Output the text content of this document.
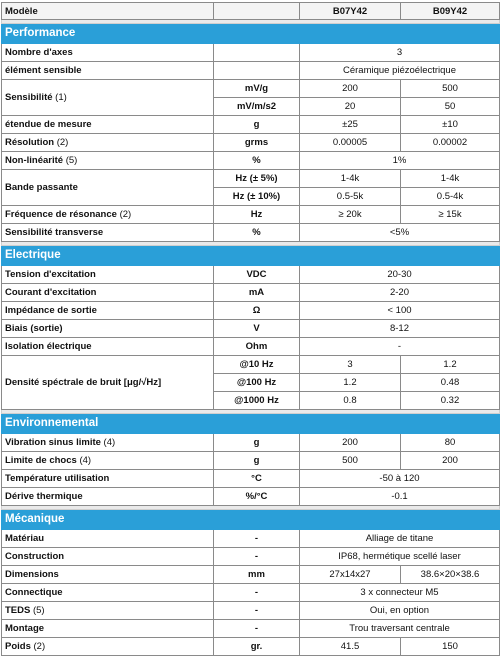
Modèle		B07Y42	B09Y42

Performance			
Nombre d'axes		3	
élément sensible		Céramique piézoélectrique	
Sensibilité (1)	mV/g	200	500
	mV/m/s2	20	50
étendue de mesure	g	±25	±10
Résolution (2)	grms	0.00005	0.00002
Non-linéarité (5)	%	1%	
Bande passante	Hz (± 5%)	1-4k	1-4k
	Hz (± 10%)	0.5-5k	0.5-4k
Fréquence de résonance (2)	Hz	≥ 20k	≥ 15k
Sensibilité transverse	%	<5%	

Electrique			
Tension d'excitation	VDC	20-30	
Courant d'excitation	mA	2-20	
Impédance de sortie	Ω	< 100	
Biais (sortie)	V	8-12	
Isolation électrique	Ohm	-	
Densité spéctrale de bruit [μg/√Hz]	@10 Hz	3	1.2
	@100 Hz	1.2	0.48
	@1000 Hz	0.8	0.32

Environnemental			
Vibration sinus limite (4)	g	200	80
Limite de chocs (4)	g	500	200
Température utilisation	°C	-50 à 120	
Dérive thermique	%/°C	-0.1	

Mécanique			
Matériau	-	Alliage de titane	
Construction	-	IP68, hermétique scellé laser	
Dimensions	mm	27x14x27	38.6×20×38.6
Connectique	-	3 x connecteur M5	
TEDS (5)	-	Oui, en option	
Montage	-	Trou traversant centrale	
Poids (2)	gr.	41.5	150
